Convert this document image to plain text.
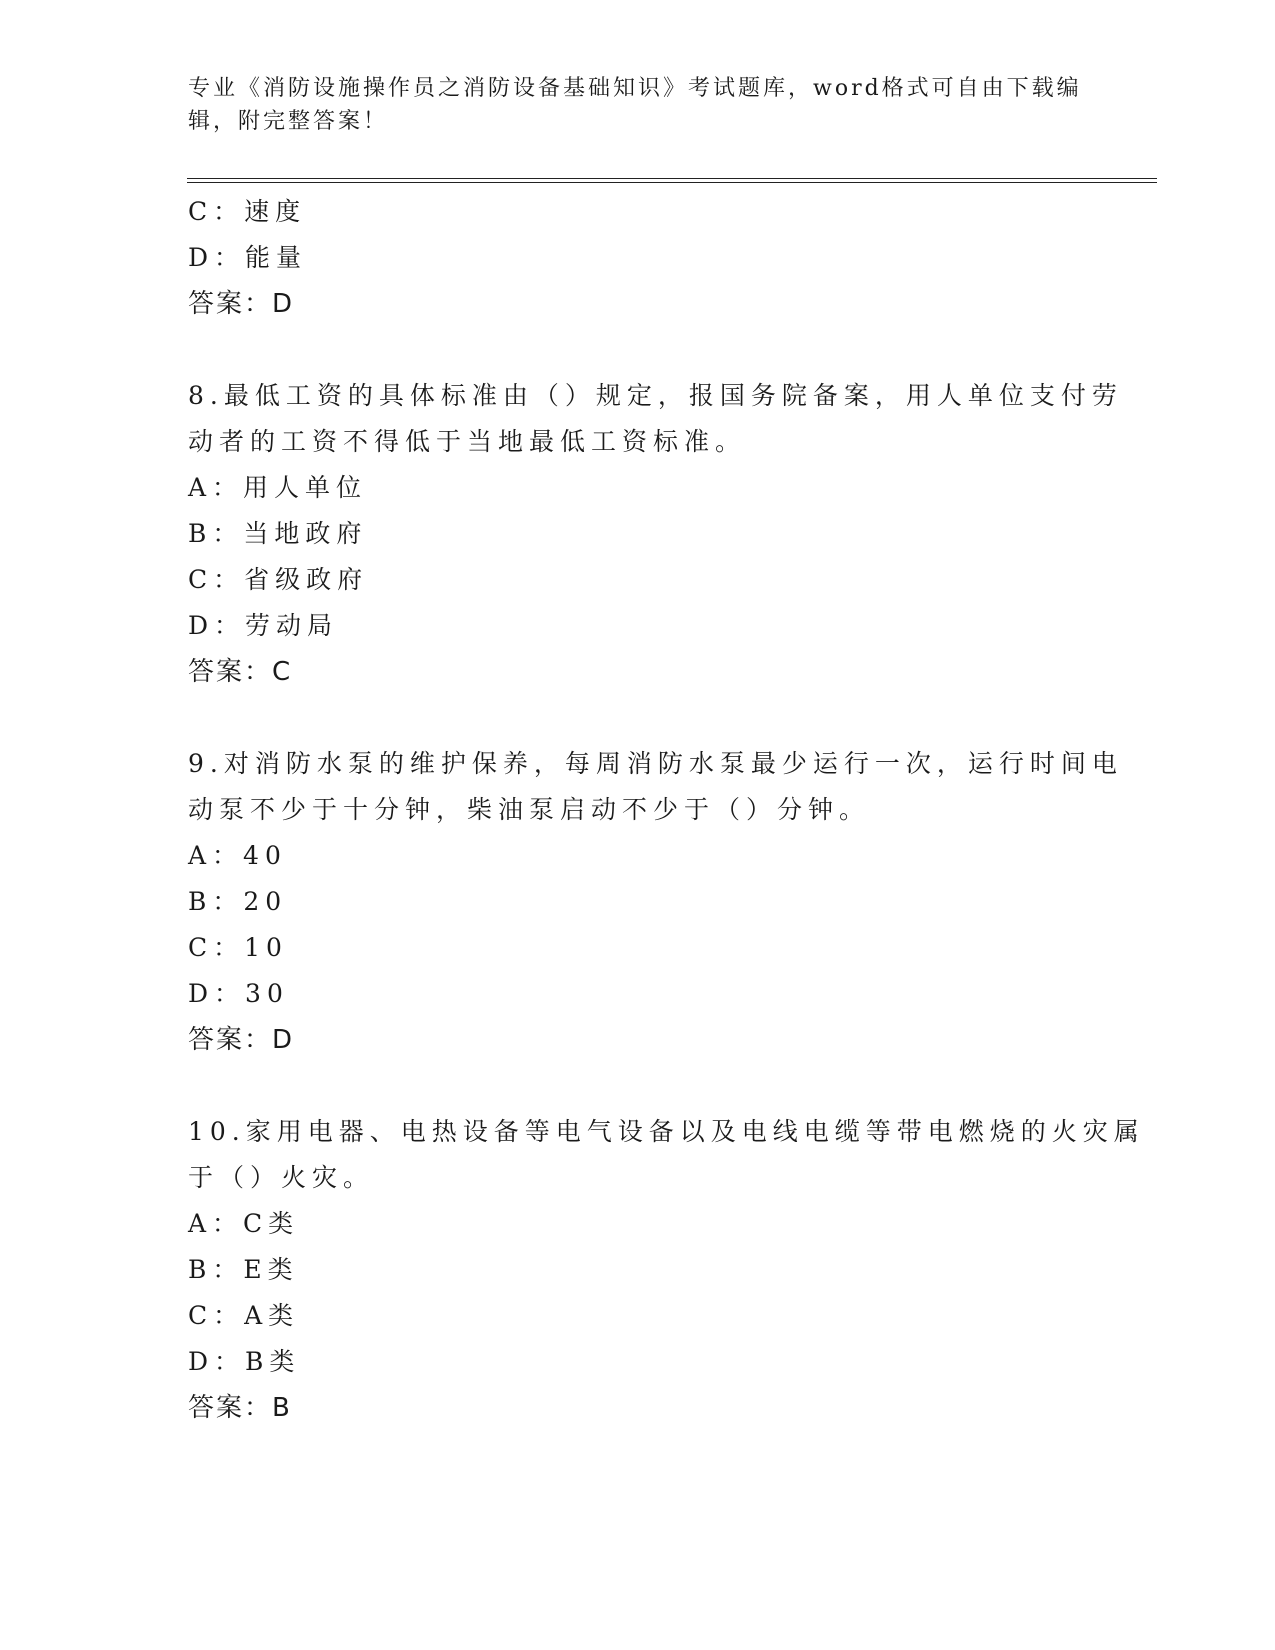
专业《消防设施操作员之消防设备基础知识》考试题库，word格式可自由下载编辑，附完整答案！
C：速度
D：能量
答案：D
8.最低工资的具体标准由（）规定，报国务院备案，用人单位支付劳
动者的工资不得低于当地最低工资标准。
A：用人单位
B：当地政府
C：省级政府
D：劳动局
答案：C
9.对消防水泵的维护保养，每周消防水泵最少运行一次，运行时间电
动泵不少于十分钟，柴油泵启动不少于（）分钟。
A：40
B：20
C：10
D：30
答案：D
10.家用电器、电热设备等电气设备以及电线电缆等带电燃烧的火灾属
于（）火灾。
A：C类
B：E类
C：A类
D：B类
答案：B
